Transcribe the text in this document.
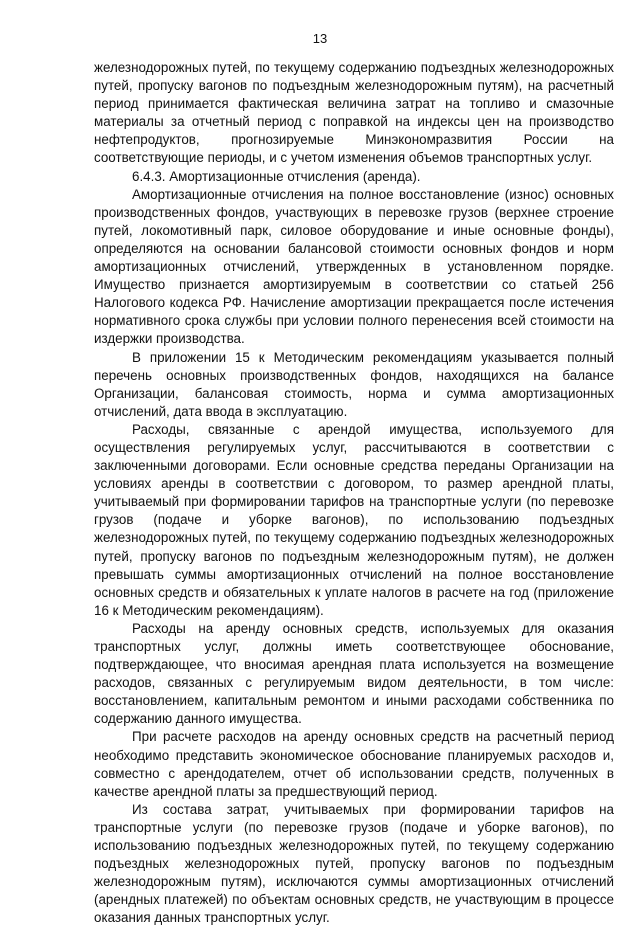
13

железнодорожных путей, по текущему содержанию подъездных железнодорожных путей, пропуску вагонов по подъездным железнодорожным путям), на расчетный период принимается фактическая величина затрат на топливо и смазочные материалы за отчетный период с поправкой на индексы цен на производство нефтепродуктов, прогнозируемые Минэкономразвития России на соответствующие периоды, и с учетом изменения объемов транспортных услуг.

6.4.3. Амортизационные отчисления (аренда).

Амортизационные отчисления на полное восстановление (износ) основных производственных фондов, участвующих в перевозке грузов (верхнее строение путей, локомотивный парк, силовое оборудование и иные основные фонды), определяются на основании балансовой стоимости основных фондов и норм амортизационных отчислений, утвержденных в установленном порядке. Имущество признается амортизируемым в соответствии со статьей 256 Налогового кодекса РФ. Начисление амортизации прекращается после истечения нормативного срока службы при условии полного перенесения всей стоимости на издержки производства.

В приложении 15 к Методическим рекомендациям указывается полный перечень основных производственных фондов, находящихся на балансе Организации, балансовая стоимость, норма и сумма амортизационных отчислений, дата ввода в эксплуатацию.

Расходы, связанные с арендой имущества, используемого для осуществления регулируемых услуг, рассчитываются в соответствии с заключенными договорами. Если основные средства переданы Организации на условиях аренды в соответствии с договором, то размер арендной платы, учитываемый при формировании тарифов на транспортные услуги (по перевозке грузов (подаче и уборке вагонов), по использованию подъездных железнодорожных путей, по текущему содержанию подъездных железнодорожных путей, пропуску вагонов по подъездным железнодорожным путям), не должен превышать суммы амортизационных отчислений на полное восстановление основных средств и обязательных к уплате налогов в расчете на год (приложение 16 к Методическим рекомендациям).

Расходы на аренду основных средств, используемых для оказания транспортных услуг, должны иметь соответствующее обоснование, подтверждающее, что вносимая арендная плата используется на возмещение расходов, связанных с регулируемым видом деятельности, в том числе: восстановлением, капитальным ремонтом и иными расходами собственника по содержанию данного имущества.

При расчете расходов на аренду основных средств на расчетный период необходимо представить экономическое обоснование планируемых расходов и, совместно с арендодателем, отчет об использовании средств, полученных в качестве арендной платы за предшествующий период.

Из состава затрат, учитываемых при формировании тарифов на транспортные услуги (по перевозке грузов (подаче и уборке вагонов), по использованию подъездных железнодорожных путей, по текущему содержанию подъездных железнодорожных путей, пропуску вагонов по подъездным железнодорожным путям), исключаются суммы амортизационных отчислений (арендных платежей) по объектам основных средств, не участвующим в процессе оказания данных транспортных услуг.
